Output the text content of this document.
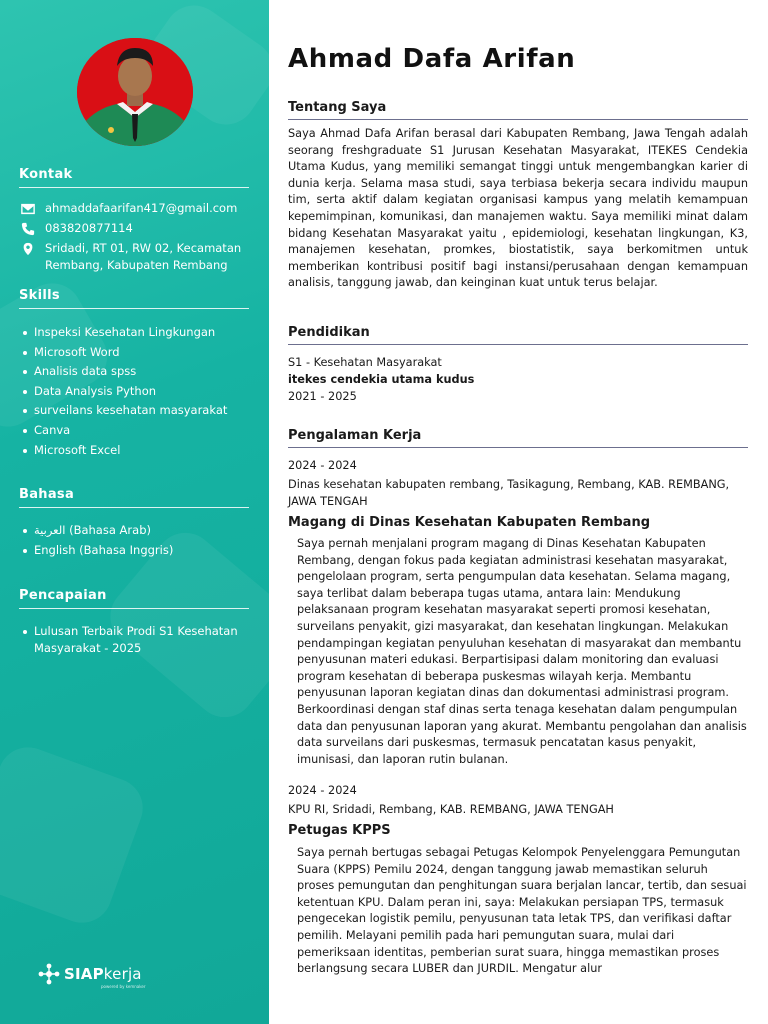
Kontak
ahmaddafaarifan417@gmail.com
083820877114
Sridadi, RT 01, RW 02, Kecamatan Rembang, Kabupaten Rembang
Skills
Inspeksi Kesehatan Lingkungan
Microsoft Word
Analisis data spss
Data Analysis Python
surveilans kesehatan masyarakat
Canva
Microsoft Excel
Bahasa
العربية (Bahasa Arab)
English (Bahasa Inggris)
Pencapaian
Lulusan Terbaik Prodi S1 Kesehatan Masyarakat - 2025
SIAPkerja
powered by kemnaker
Ahmad Dafa Arifan
Tentang Saya
Saya Ahmad Dafa Arifan berasal dari Kabupaten Rembang, Jawa Tengah adalah seorang freshgraduate S1 Jurusan Kesehatan Masyarakat, ITEKES Cendekia Utama Kudus, yang memiliki semangat tinggi untuk mengembangkan karier di dunia kerja. Selama masa studi, saya terbiasa bekerja secara individu maupun tim, serta aktif dalam kegiatan organisasi kampus yang melatih kemampuan kepemimpinan, komunikasi, dan manajemen waktu. Saya memiliki minat dalam bidang Kesehatan Masyarakat yaitu , epidemiologi, kesehatan lingkungan, K3, manajemen kesehatan, promkes, biostatistik, saya berkomitmen untuk memberikan kontribusi positif bagi instansi/perusahaan dengan kemampuan analisis, tanggung jawab, dan keinginan kuat untuk terus belajar.
Pendidikan
S1 - Kesehatan Masyarakat
itekes cendekia utama kudus
2021 - 2025
Pengalaman Kerja
2024 - 2024
Dinas kesehatan kabupaten rembang, Tasikagung, Rembang, KAB. REMBANG, JAWA TENGAH
Magang di Dinas Kesehatan Kabupaten Rembang
Saya pernah menjalani program magang di Dinas Kesehatan Kabupaten Rembang, dengan fokus pada kegiatan administrasi kesehatan masyarakat, pengelolaan program, serta pengumpulan data kesehatan. Selama magang, saya terlibat dalam beberapa tugas utama, antara lain: Mendukung pelaksanaan program kesehatan masyarakat seperti promosi kesehatan, surveilans penyakit, gizi masyarakat, dan kesehatan lingkungan. Melakukan pendampingan kegiatan penyuluhan kesehatan di masyarakat dan membantu penyusunan materi edukasi. Berpartisipasi dalam monitoring dan evaluasi program kesehatan di beberapa puskesmas wilayah kerja. Membantu penyusunan laporan kegiatan dinas dan dokumentasi administrasi program. Berkoordinasi dengan staf dinas serta tenaga kesehatan dalam pengumpulan data dan penyusunan laporan yang akurat. Membantu pengolahan dan analisis data surveilans dari puskesmas, termasuk pencatatan kasus penyakit, imunisasi, dan laporan rutin bulanan.
2024 - 2024
KPU RI, Sridadi, Rembang, KAB. REMBANG, JAWA TENGAH
Petugas KPPS
Saya pernah bertugas sebagai Petugas Kelompok Penyelenggara Pemungutan Suara (KPPS) Pemilu 2024, dengan tanggung jawab memastikan seluruh proses pemungutan dan penghitungan suara berjalan lancar, tertib, dan sesuai ketentuan KPU. Dalam peran ini, saya: Melakukan persiapan TPS, termasuk pengecekan logistik pemilu, penyusunan tata letak TPS, dan verifikasi daftar pemilih. Melayani pemilih pada hari pemungutan suara, mulai dari pemeriksaan identitas, pemberian surat suara, hingga memastikan proses berlangsung secara LUBER dan JURDIL. Mengatur alur
